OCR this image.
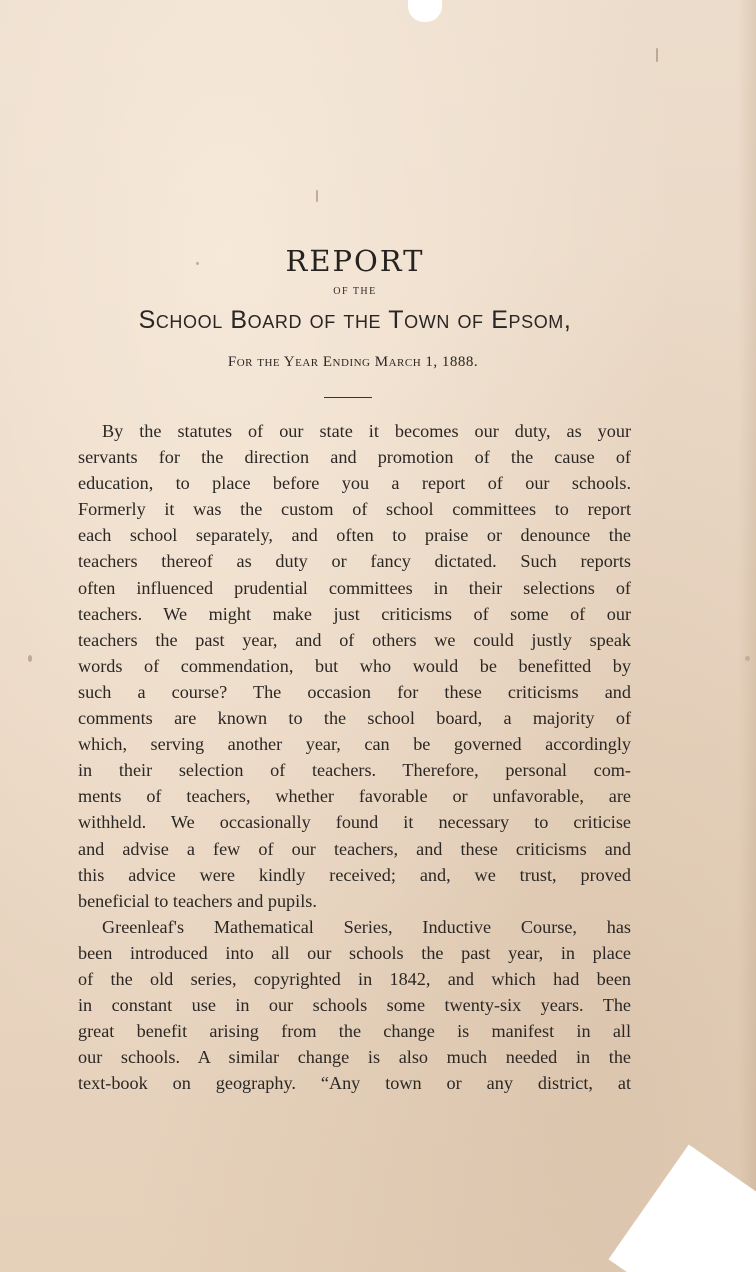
REPORT
OF THE
School Board of the Town of Epsom,
For the Year Ending March 1, 1888.
By the statutes of our state it becomes our duty, as your
servants for the direction and promotion of the cause of
education, to place before you a report of our schools.
Formerly it was the custom of school committees to report
each school separately, and often to praise or denounce the
teachers thereof as duty or fancy dictated. Such reports
often influenced prudential committees in their selections of
teachers. We might make just criticisms of some of our
teachers the past year, and of others we could justly speak
words of commendation, but who would be benefitted by
such a course? The occasion for these criticisms and
comments are known to the school board, a majority of
which, serving another year, can be governed accordingly
in their selection of teachers. Therefore, personal com-
ments of teachers, whether favorable or unfavorable, are
withheld. We occasionally found it necessary to criticise
and advise a few of our teachers, and these criticisms and
this advice were kindly received; and, we trust, proved
beneficial to teachers and pupils.
Greenleaf's Mathematical Series, Inductive Course, has
been introduced into all our schools the past year, in place
of the old series, copyrighted in 1842, and which had been
in constant use in our schools some twenty-six years. The
great benefit arising from the change is manifest in all
our schools. A similar change is also much needed in the
text-book on geography. “Any town or any district, at
